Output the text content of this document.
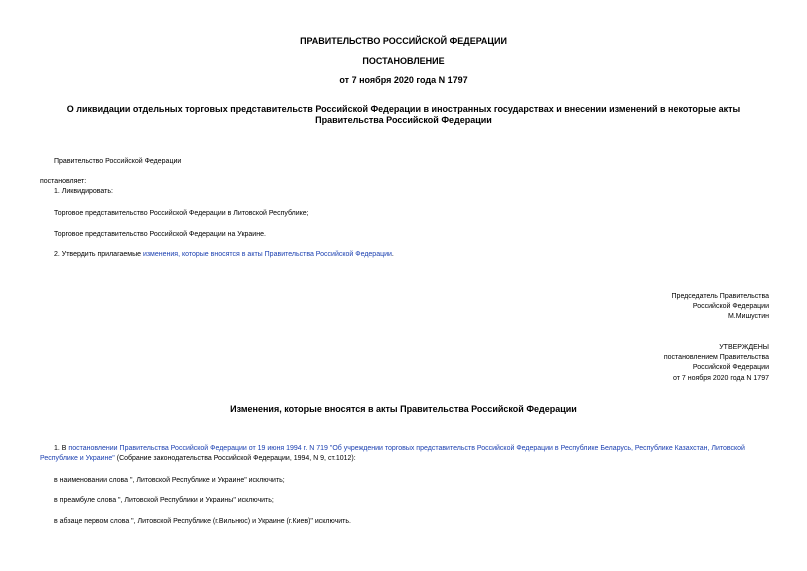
ПРАВИТЕЛЬСТВО РОССИЙСКОЙ ФЕДЕРАЦИИ
ПОСТАНОВЛЕНИЕ
от 7 ноября 2020 года N 1797
О ликвидации отдельных торговых представительств Российской Федерации в иностранных государствах и внесении изменений в некоторые акты Правительства Российской Федерации
Правительство Российской Федерации
постановляет:
1. Ликвидировать:
Торговое представительство Российской Федерации в Литовской Республике;
Торговое представительство Российской Федерации на Украине.
2. Утвердить прилагаемые изменения, которые вносятся в акты Правительства Российской Федерации.
Председатель Правительства
Российской Федерации
М.Мишустин
УТВЕРЖДЕНЫ
постановлением Правительства
Российской Федерации
от 7 ноября 2020 года N 1797
Изменения, которые вносятся в акты Правительства Российской Федерации
1. В постановлении Правительства Российской Федерации от 19 июня 1994 г. N 719 "Об учреждении торговых представительств Российской Федерации в Республике Беларусь, Республике Казахстан, Литовской Республике и Украине" (Собрание законодательства Российской Федерации, 1994, N 9, ст.1012):
в наименовании слова ", Литовской Республике и Украине" исключить;
в преамбуле слова ", Литовской Республики и Украины" исключить;
в абзаце первом слова ", Литовской Республике (г.Вильнюс) и Украине (г.Киев)" исключить.
